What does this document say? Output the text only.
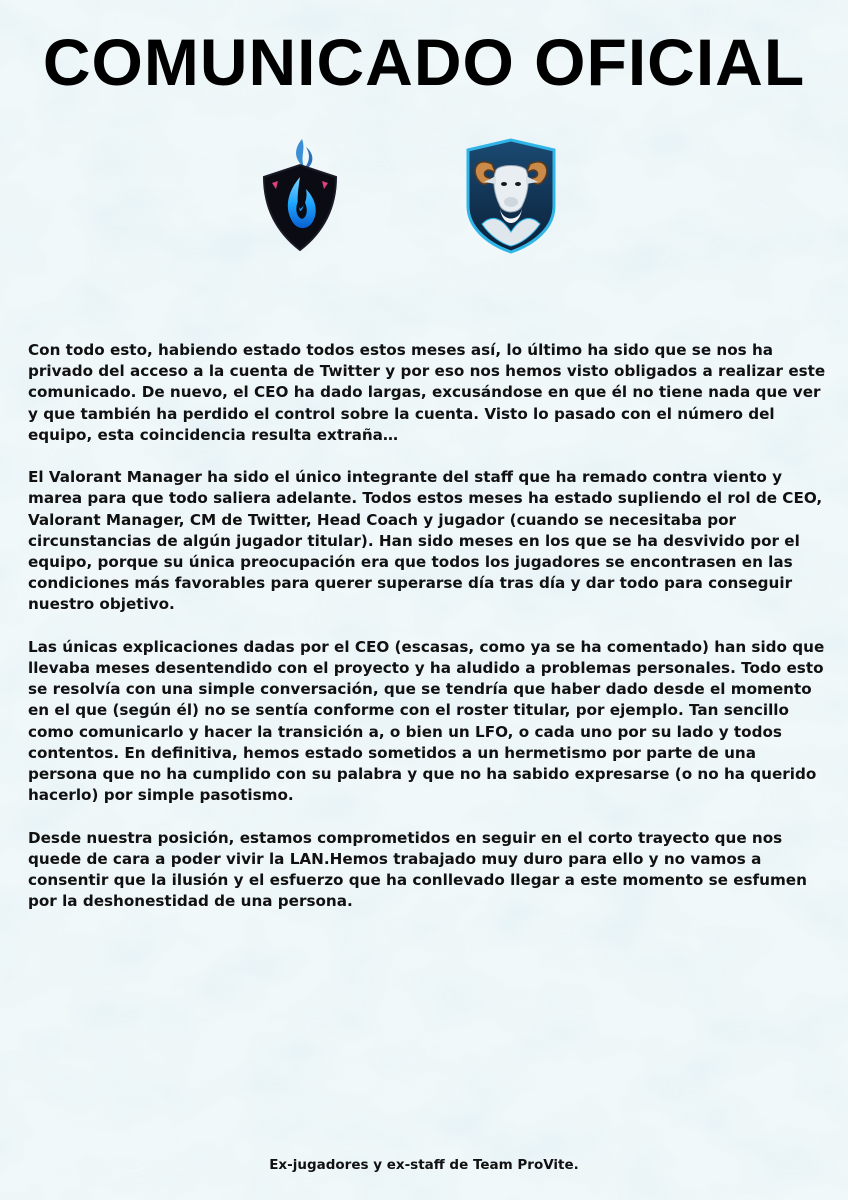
COMUNICADO OFICIAL

Con todo esto, habiendo estado todos estos meses así, lo último ha sido que se nos ha privado del acceso a la cuenta de Twitter y por eso nos hemos visto obligados a realizar este comunicado. De nuevo, el CEO ha dado largas, excusándose en que él no tiene nada que ver y que también ha perdido el control sobre la cuenta. Visto lo pasado con el número del equipo, esta coincidencia resulta extraña…

El Valorant Manager ha sido el único integrante del staff que ha remado contra viento y marea para que todo saliera adelante. Todos estos meses ha estado supliendo el rol de CEO, Valorant Manager, CM de Twitter, Head Coach y jugador (cuando se necesitaba por circunstancias de algún jugador titular). Han sido meses en los que se ha desvivido por el equipo, porque su única preocupación era que todos los jugadores se encontrasen en las condiciones más favorables para querer superarse día tras día y dar todo para conseguir nuestro objetivo.

Las únicas explicaciones dadas por el CEO (escasas, como ya se ha comentado) han sido que llevaba meses desentendido con el proyecto y ha aludido a problemas personales. Todo esto se resolvía con una simple conversación, que se tendría que haber dado desde el momento en el que (según él) no se sentía conforme con el roster titular, por ejemplo. Tan sencillo como comunicarlo y hacer la transición a, o bien un LFO, o cada uno por su lado y todos contentos. En definitiva, hemos estado sometidos a un hermetismo por parte de una persona que no ha cumplido con su palabra y que no ha sabido expresarse (o no ha querido hacerlo) por simple pasotismo.

Desde nuestra posición, estamos comprometidos en seguir en el corto trayecto que nos quede de cara a poder vivir la LAN.Hemos trabajado muy duro para ello y no vamos a consentir que la ilusión y el esfuerzo que ha conllevado llegar a este momento se esfumen por la deshonestidad de una persona.

Ex-jugadores y ex-staff de Team ProVite.
